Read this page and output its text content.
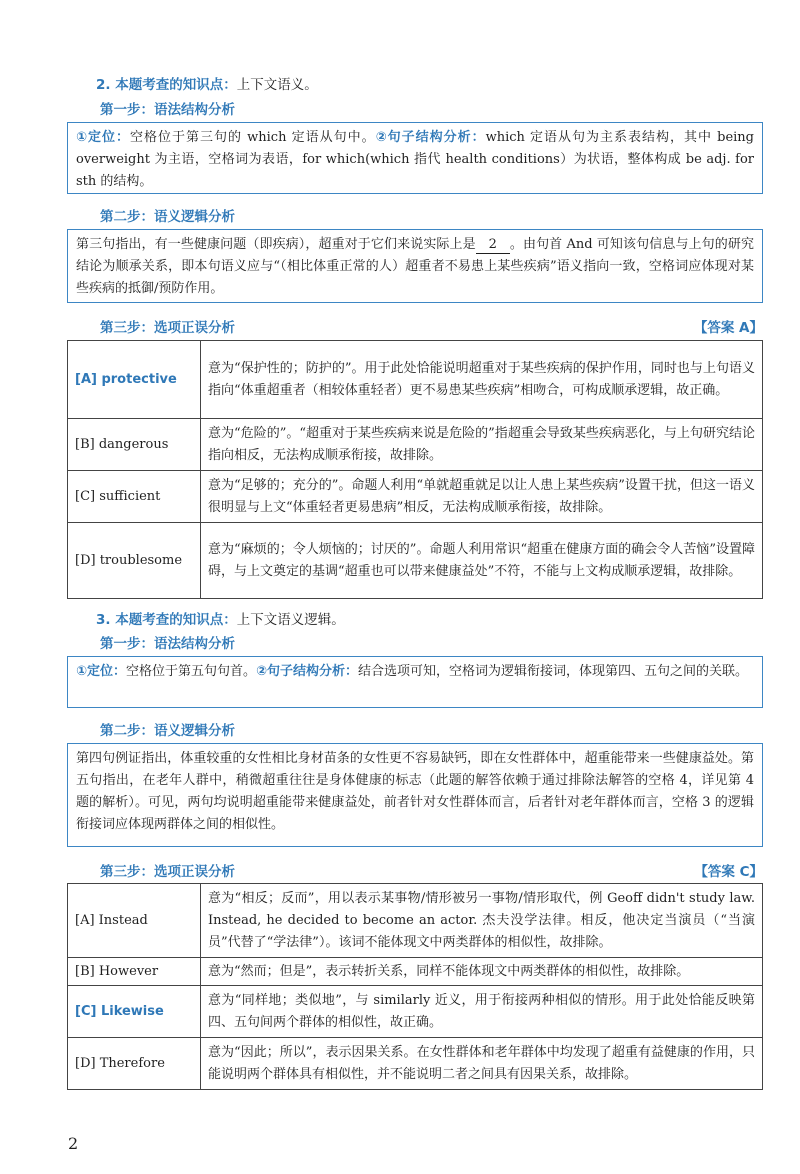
2. 本题考查的知识点：上下文语义。
第一步：语法结构分析
①定位：空格位于第三句的 which 定语从句中。②句子结构分析：which 定语从句为主系表结构，其中 being overweight 为主语，空格词为表语，for which(which 指代 health conditions）为状语，整体构成 be adj. for sth 的结构。
第二步：语义逻辑分析
第三句指出，有一些健康问题（即疾病），超重对于它们来说实际上是 2 。由句首 And 可知该句信息与上句的研究结论为顺承关系，即本句语义应与“（相比体重正常的人）超重者不易患上某些疾病”语义指向一致，空格词应体现对某些疾病的抵御/预防作用。
第三步：选项正误分析	【答案 A】
[A] protective	意为“保护性的；防护的”。用于此处恰能说明超重对于某些疾病的保护作用，同时也与上句语义指向“体重超重者（相较体重轻者）更不易患某些疾病”相吻合，可构成顺承逻辑，故正确。
[B] dangerous	意为“危险的”。“超重对于某些疾病来说是危险的”指超重会导致某些疾病恶化，与上句研究结论指向相反，无法构成顺承衔接，故排除。
[C] sufficient	意为“足够的；充分的”。命题人利用“单就超重就足以让人患上某些疾病”设置干扰，但这一语义很明显与上文“体重轻者更易患病”相反，无法构成顺承衔接，故排除。
[D] troublesome	意为“麻烦的；令人烦恼的；讨厌的”。命题人利用常识“超重在健康方面的确会令人苦恼”设置障碍，与上文奠定的基调“超重也可以带来健康益处”不符，不能与上文构成顺承逻辑，故排除。
3. 本题考查的知识点：上下文语义逻辑。
第一步：语法结构分析
①定位：空格位于第五句句首。②句子结构分析：结合选项可知，空格词为逻辑衔接词，体现第四、五句之间的关联。
第二步：语义逻辑分析
第四句例证指出，体重较重的女性相比身材苗条的女性更不容易缺钙，即在女性群体中，超重能带来一些健康益处。第五句指出，在老年人群中，稍微超重往往是身体健康的标志（此题的解答依赖于通过排除法解答的空格 4，详见第 4 题的解析）。可见，两句均说明超重能带来健康益处，前者针对女性群体而言，后者针对老年群体而言，空格 3 的逻辑衔接词应体现两群体之间的相似性。
第三步：选项正误分析	【答案 C】
[A] Instead	意为“相反；反而”，用以表示某事物/情形被另一事物/情形取代，例 Geoff didn't study law. Instead, he decided to become an actor. 杰夫没学法律。相反，他决定当演员（“当演员”代替了“学法律”）。该词不能体现文中两类群体的相似性，故排除。
[B] However	意为“然而；但是”，表示转折关系，同样不能体现文中两类群体的相似性，故排除。
[C] Likewise	意为“同样地；类似地”，与 similarly 近义，用于衔接两种相似的情形。用于此处恰能反映第四、五句间两个群体的相似性，故正确。
[D] Therefore	意为“因此；所以”，表示因果关系。在女性群体和老年群体中均发现了超重有益健康的作用，只能说明两个群体具有相似性，并不能说明二者之间具有因果关系，故排除。
2
